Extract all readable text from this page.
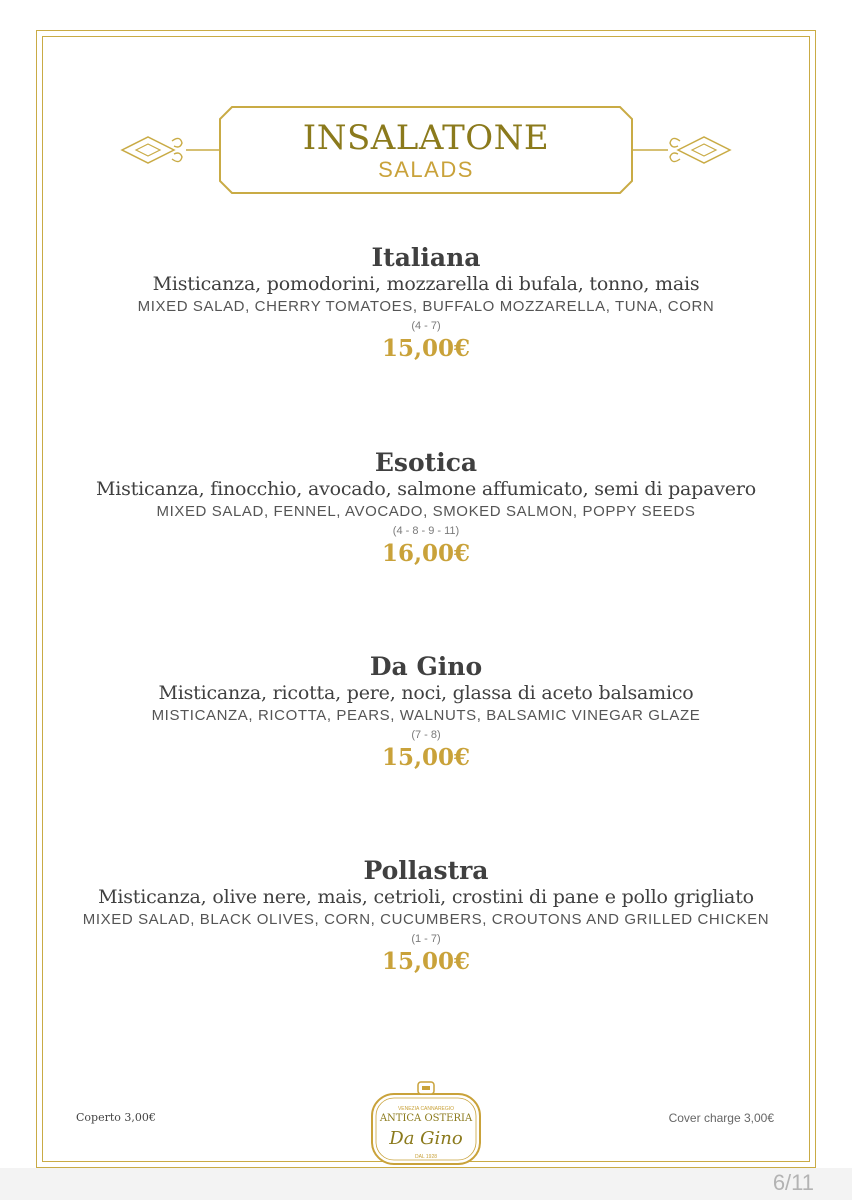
INSALATONE
SALADS
Italiana
Misticanza, pomodorini, mozzarella di bufala, tonno, mais
MIXED SALAD, CHERRY TOMATOES, BUFFALO MOZZARELLA, TUNA, CORN
(4 - 7)
15,00€
Esotica
Misticanza, finocchio, avocado, salmone affumicato, semi di papavero
MIXED SALAD, FENNEL, AVOCADO, SMOKED SALMON, POPPY SEEDS
(4 - 8 - 9 - 11)
16,00€
Da Gino
Misticanza, ricotta, pere, noci, glassa di aceto balsamico
MISTICANZA, RICOTTA, PEARS, WALNUTS, BALSAMIC VINEGAR GLAZE
(7 - 8)
15,00€
Pollastra
Misticanza, olive nere, mais, cetrioli, crostini di pane e pollo grigliato
MIXED SALAD, BLACK OLIVES, CORN, CUCUMBERS, CROUTONS AND GRILLED CHICKEN
(1 - 7)
15,00€
Coperto 3,00€	Cover charge 3,00€
VENEZIA CANNAREGIO
ANTICA OSTERIA
Da Gino
DAL 1928
6/11
